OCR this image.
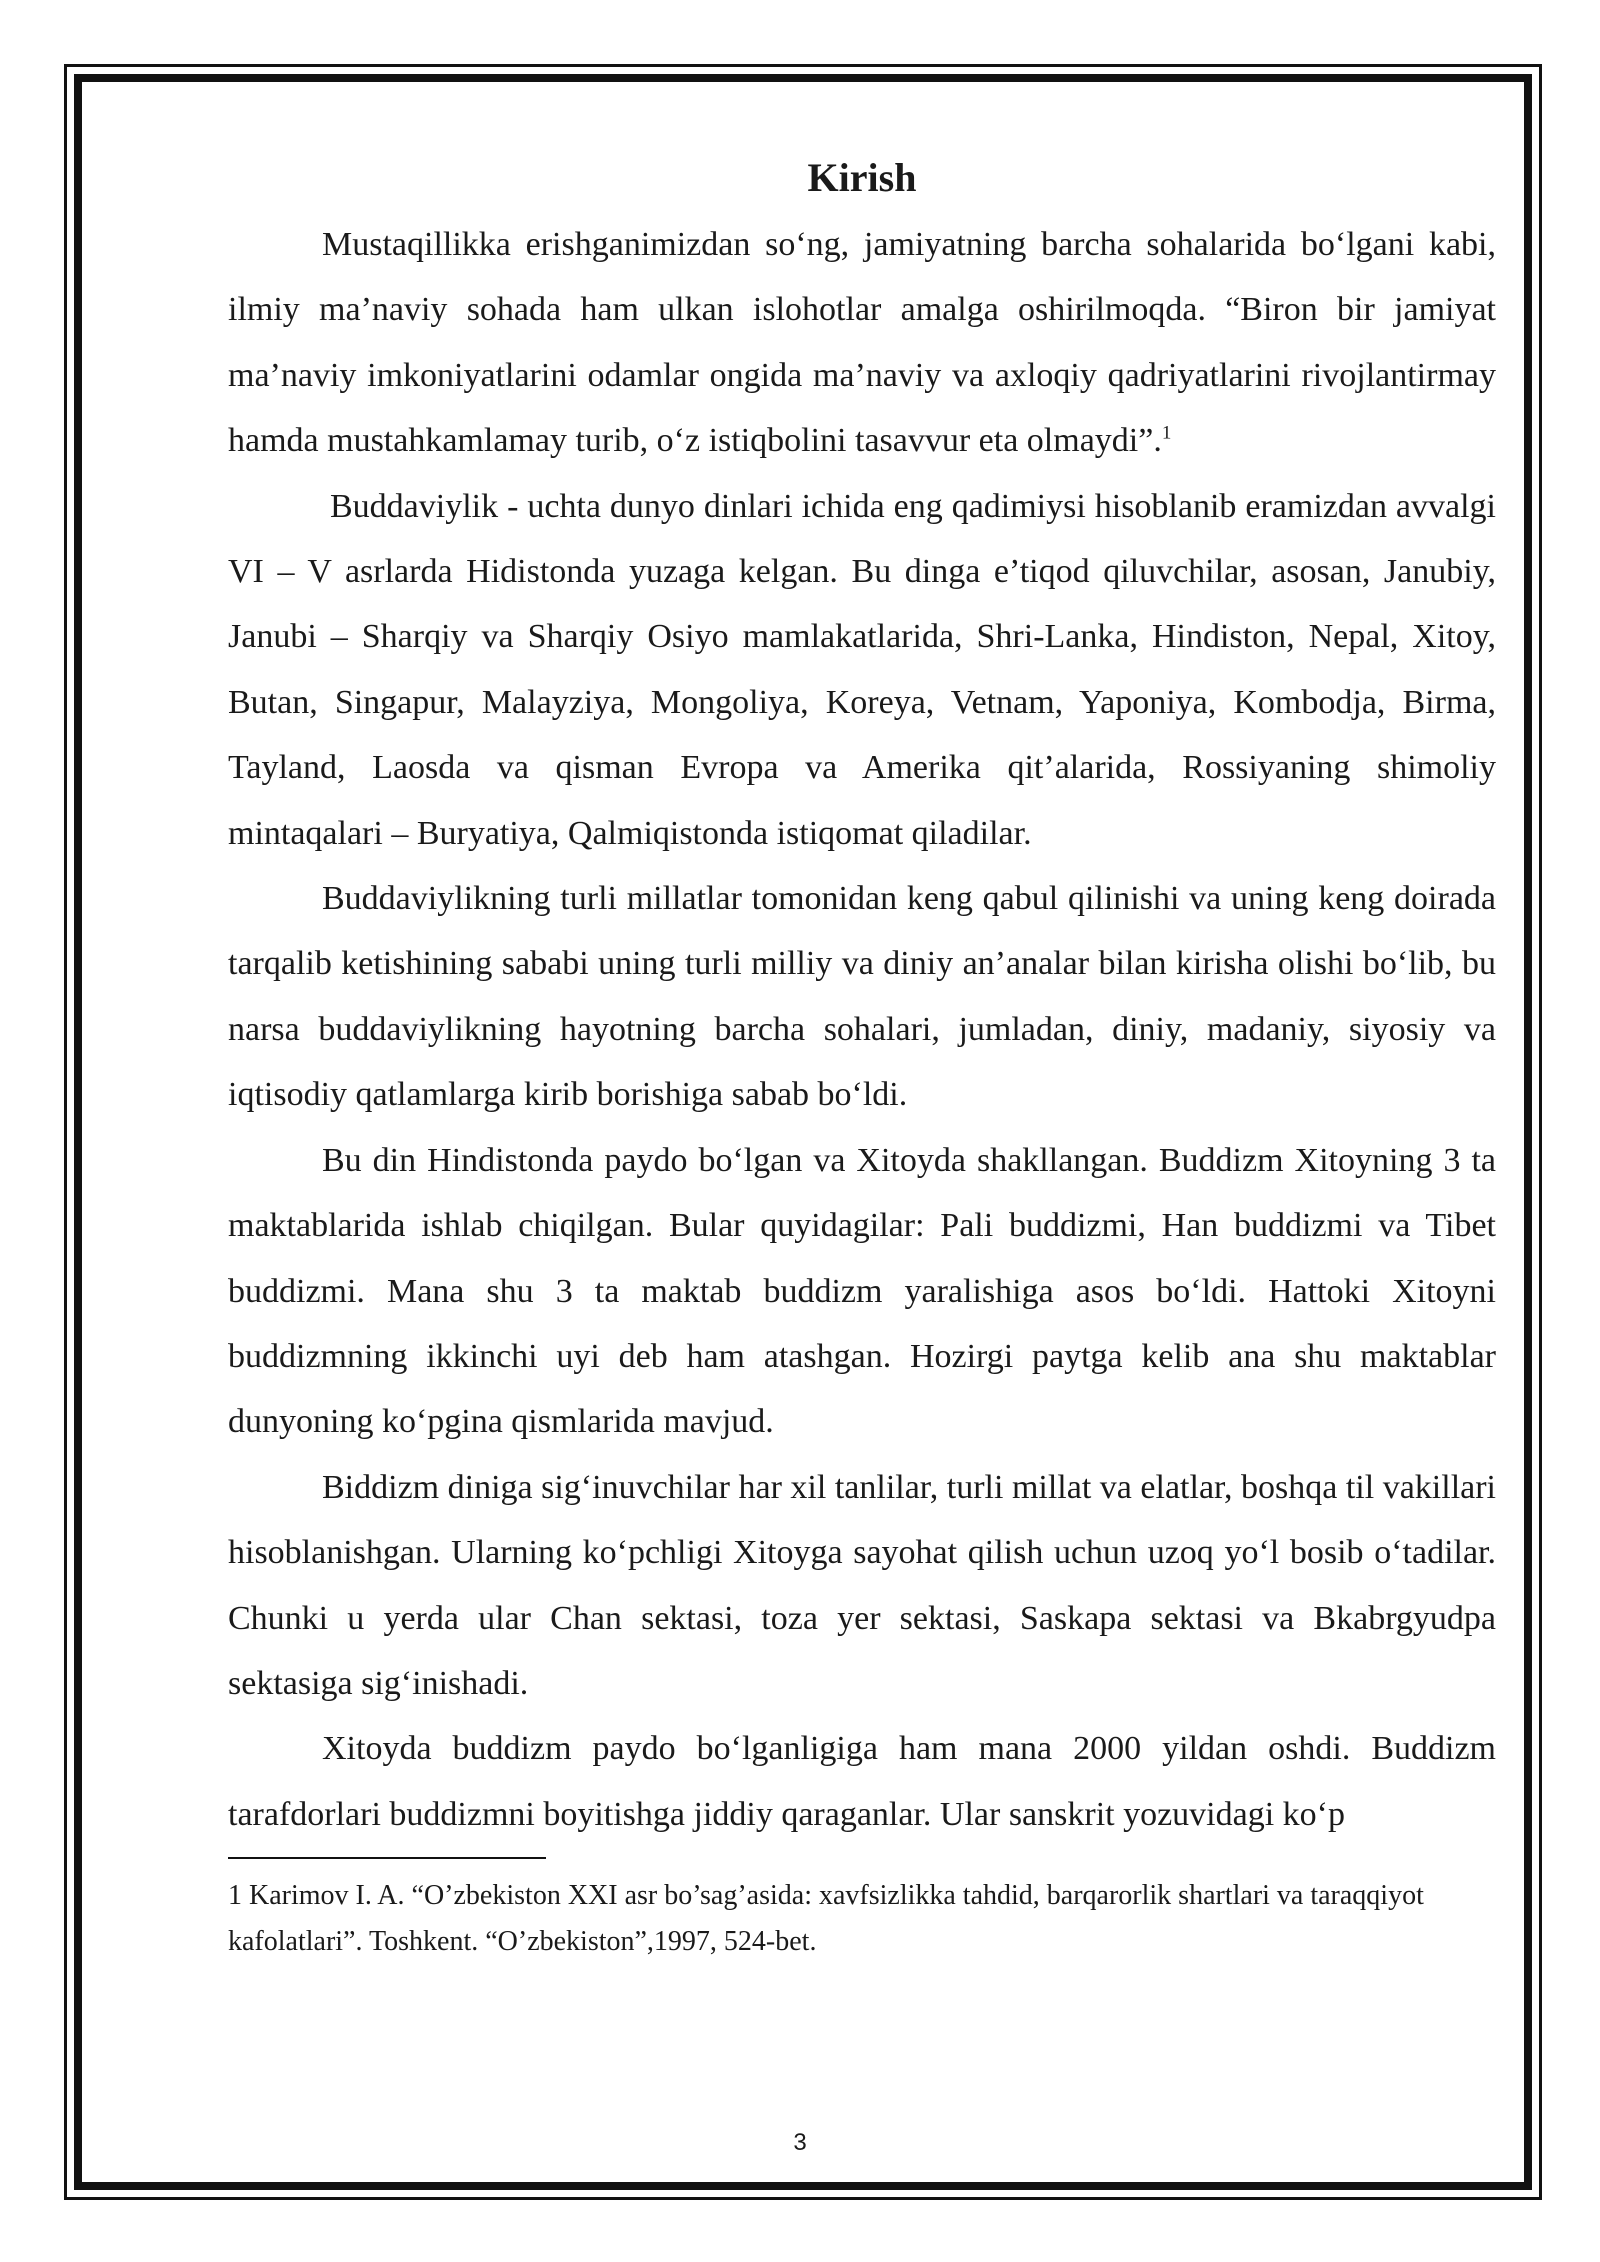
Kirish

Mustaqillikka erishganimizdan so‘ng, jamiyatning barcha sohalarida bo‘lgani kabi, ilmiy ma’naviy sohada ham ulkan islohotlar amalga oshirilmoqda. “Biron bir jamiyat ma’naviy imkoniyatlarini odamlar ongida ma’naviy va axloqiy qadriyatlarini rivojlantirmay hamda mustahkamlamay turib, o‘z istiqbolini tasavvur eta olmaydi”.$^1$

Buddaviylik - uchta dunyo dinlari ichida eng qadimiysi hisoblanib eramizdan avvalgi VI – V asrlarda Hidistonda yuzaga kelgan. Bu dinga e’tiqod qiluvchilar, asosan, Janubiy, Janubi – Sharqiy va Sharqiy Osiyo mamlakatlarida, Shri-Lanka, Hindiston, Nepal, Xitoy, Butan, Singapur, Malayziya, Mongoliya, Koreya, Vetnam, Yaponiya, Kombodja, Birma, Tayland, Laosda va qisman Evropa va Amerika qit’alarida, Rossiyaning shimoliy mintaqalari – Buryatiya, Qalmiqistonda istiqomat qiladilar.

Buddaviylikning turli millatlar tomonidan keng qabul qilinishi va uning keng doirada tarqalib ketishining sababi uning turli milliy va diniy an’analar bilan kirisha olishi bo‘lib, bu narsa buddaviylikning hayotning barcha sohalari, jumladan, diniy, madaniy, siyosiy va iqtisodiy qatlamlarga kirib borishiga sabab bo‘ldi.

Bu din Hindistonda paydo bo‘lgan va Xitoyda shakllangan. Buddizm Xitoyning 3 ta maktablarida ishlab chiqilgan. Bular quyidagilar: Pali buddizmi, Han buddizmi va Tibet buddizmi. Mana shu 3 ta maktab buddizm yaralishiga asos bo‘ldi. Hattoki Xitoyni buddizmning ikkinchi uyi deb ham atashgan. Hozirgi paytga kelib ana shu maktablar dunyoning ko‘pgina qismlarida mavjud.

Biddizm diniga sig‘inuvchilar har xil tanlilar, turli millat va elatlar, boshqa til vakillari hisoblanishgan. Ularning ko‘pchligi Xitoyga sayohat qilish uchun uzoq yo‘l bosib o‘tadilar. Chunki u yerda ular Chan sektasi, toza yer sektasi, Saskapa sektasi va Bkabrgyudpa sektasiga sig‘inishadi.

Xitoyda buddizm paydo bo‘lganligiga ham mana 2000 yildan oshdi. Buddizm tarafdorlari buddizmni boyitishga jiddiy qaraganlar. Ular sanskrit yozuvidagi ko‘p

1 Karimov I. A. “O’zbekiston XXI asr bo’sag’asida: xavfsizlikka tahdid, barqarorlik shartlari va taraqqiyot kafolatlari”. Toshkent. “O’zbekiston”,1997, 524-bet.

3
